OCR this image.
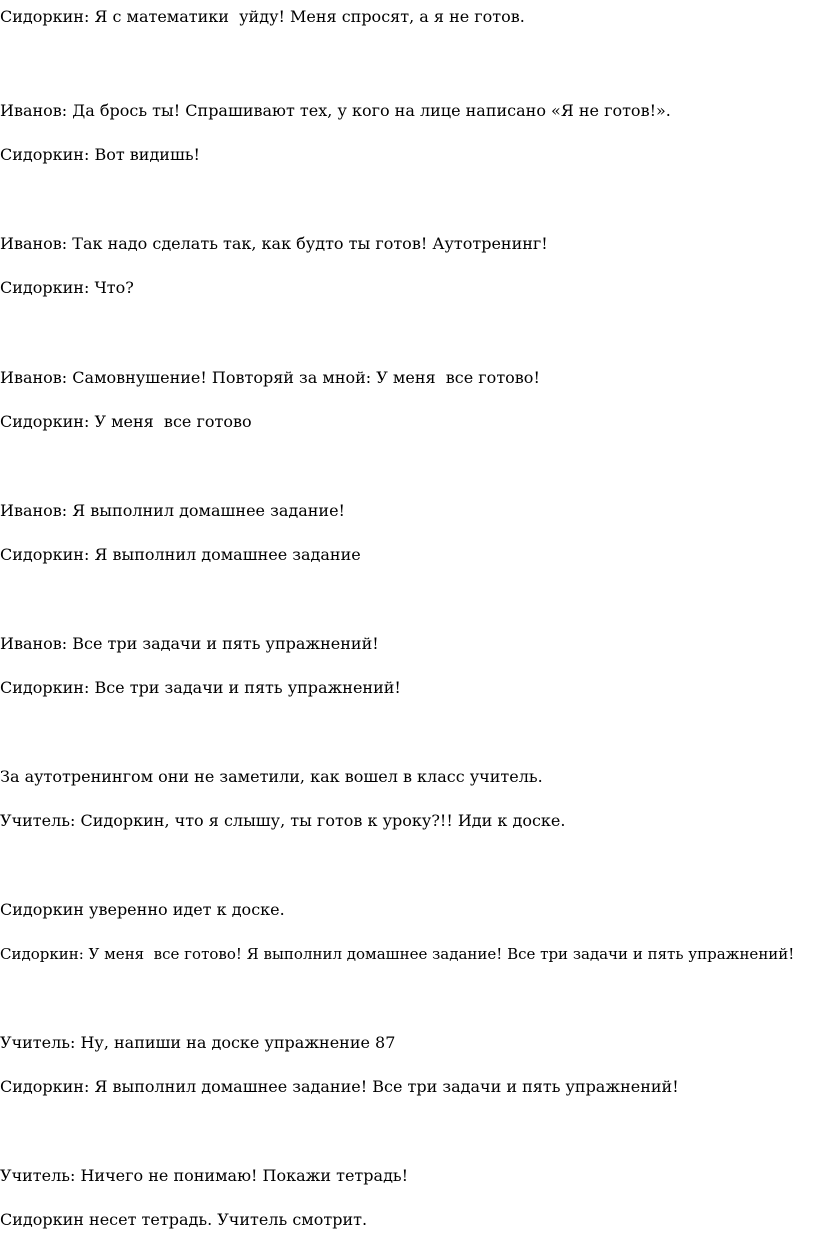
Сидоркин: Я с математики  уйду! Меня спросят, а я не готов.

Иванов: Да брось ты! Спрашивают тех, у кого на лице написано «Я не готов!».

Сидоркин: Вот видишь!

Иванов: Так надо сделать так, как будто ты готов! Аутотренинг!

Сидоркин: Что?

Иванов: Самовнушение! Повторяй за мной: У меня  все готово!

Сидоркин: У меня  все готово

Иванов: Я выполнил домашнее задание!

Сидоркин: Я выполнил домашнее задание

Иванов: Все три задачи и пять упражнений!

Сидоркин: Все три задачи и пять упражнений!

За аутотренингом они не заметили, как вошел в класс учитель.

Учитель: Сидоркин, что я слышу, ты готов к уроку?!! Иди к доске.

Сидоркин уверенно идет к доске.

Сидоркин: У меня  все готово! Я выполнил домашнее задание! Все три задачи и пять упражнений!

Учитель: Ну, напиши на доске упражнение 87

Сидоркин: Я выполнил домашнее задание! Все три задачи и пять упражнений!

Учитель: Ничего не понимаю! Покажи тетрадь!

Сидоркин несет тетрадь. Учитель смотрит.
